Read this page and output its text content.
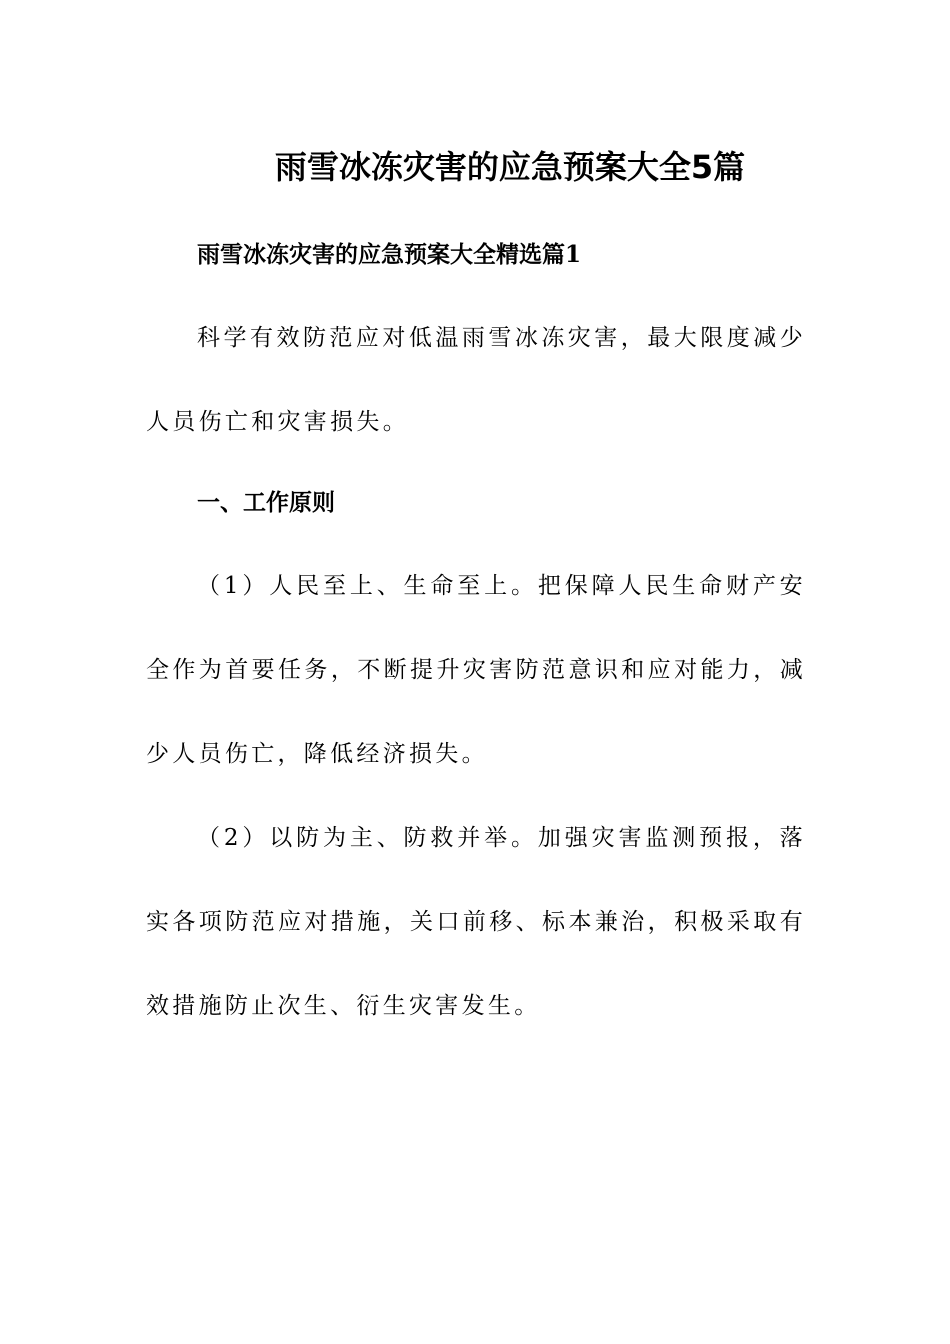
雨雪冰冻灾害的应急预案大全5篇
雨雪冰冻灾害的应急预案大全精选篇1
科学有效防范应对低温雨雪冰冻灾害，最大限度减少人员伤亡和灾害损失。
一、工作原则
（1）人民至上、生命至上。把保障人民生命财产安全作为首要任务，不断提升灾害防范意识和应对能力，减少人员伤亡，降低经济损失。
（2）以防为主、防救并举。加强灾害监测预报，落实各项防范应对措施，关口前移、标本兼治，积极采取有效措施防止次生、衍生灾害发生。
